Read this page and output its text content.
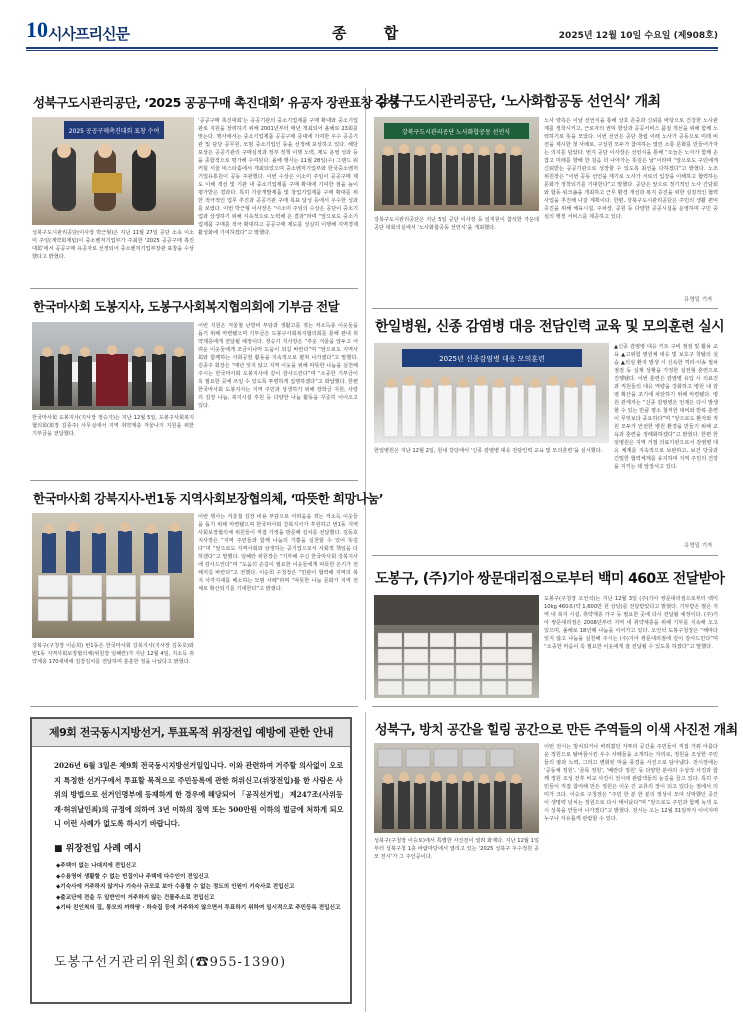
10 시사프리신문	종 합	2025년 12월 10일 수요일 (제908호)
성북구도시관리공단, ‘2025 공공구매 촉진대회’ 유공자 장관표창 수상
2025 공공구매촉진대회 표창 수여
성북구도시관리공단(이사장 박근형)은 지난 11월 27일 공단 소속 이소미 주임(계약회계팀)이 중소벤처기업부가 주최한 ‘2025 공공구매 촉진대회’에서 공공구매 유공자로 선정되어 중소벤처기업부장관 표창을 수상했다고 밝혔다.
‘공공구매 촉진대회’는 공공기관의 중소기업제품 구매 확대와 중소기업 판로 지원을 장려하기 위해 2001년부터 매년 개최되어 올해로 23회를 맞는다. 행사에서는 중소기업제품 공공구매 증대에 기여한 우수 공공기관 및 담당 공무원, 모범 중소기업인 등을 선정해 포상하고 있다. 해당 포상은 공공기관의 구매실적과 정부 정책 이행 노력, 제도 운영 성과 등을 종합적으로 평가해 수여된다. 올해 행사는 11월 28일(수) 그랜드 워커힐 서울 비스타홀에서 개최되었으며 중소벤처기업부와 한국중소벤처기업유통원이 공동 주관했다. 이번 수상은 이소미 주임이 공공구매 제도 이해 개선 및 기관 내 중소기업제품 구매 확대에 기여한 점을 높이 평가받은 결과다. 특히 기술개발제품 및 창업기업제품 구매 확대를 위한 적극적인 업무 추진과 공공기관 구매 목표 달성 등에서 우수한 성과를 보였다. 이번 박근형 이사장은 “이소미 주임의 수상은 공단이 중소기업과 상생하기 위해 지속적으로 노력해 온 결과”라며 “앞으로도 중소기업제품 구매를 적극 확대하고 공공구매 제도를 성실히 이행해 지역경제 활성화에 기여하겠다”고 말했다.
강북구도시관리공단, ‘노사화합공동 선언식’ 개최
강북구도시관리공단 노사화합공동 선언식
강북구도시관리공단은 지난 5일 공단 이사장 등 임직원이 참석한 가운데 공단 대회의실에서 ‘노사화합공동 선언식’을 개최했다.
노사 양측은 이날 선언식을 통해 상호 존중과 신뢰를 바탕으로 건강한 노사관계를 정착시키고, 근로자의 권익 향상과 공공서비스 품질 개선을 위해 함께 노력하기로 뜻을 모았다. 이번 선언은 공단 창립 이래 노사가 공동으로 미래 비전을 제시한 첫 사례로, 구성원 모두가 참여하는 열린 소통 문화를 만들어가자는 의지를 담았다. 번지 공단 이사장은 선언식을 통해 “오늘은 노사가 함께 손잡고 미래를 향해 한 걸음 더 나아가는 뜻깊은 날”이라며 “앞으로도 구민에게 신뢰받는 공공기관으로 성장할 수 있도록 최선을 다하겠다”고 밝혔다. 노조 위원장은 “이번 공동 선언을 계기로 노사가 서로의 입장을 이해하고 협력하는 문화가 정착되기를 기대한다”고 말했다. 공단은 앞으로 정기적인 노사 간담회와 합동 워크숍을 개최하고 근무 환경 개선과 복지 증진을 위한 실질적인 협력 사업을 추진해 나갈 계획이다. 한편, 강북구도시관리공단은 주민의 생활 편익 증진을 위해 체육시설, 주차장, 공원 등 다양한 공공시설을 운영하며 구민 중심의 행정 서비스를 제공하고 있다.
유영일 기자
한국마사회 도봉지사, 도봉구사회복지협의회에 기부금 전달
한국마사회 도봉지사(지사장 정승기)는 지난 12월 5일, 도봉구사회복지협의회(회장 김종주) 사무실에서 지역 취약계층 겨울나기 지원을 위한 기부금을 전달했다.
이번 지원은 겨울철 난방비 부담과 생활고를 겪는 저소득층 이웃들을 돕기 위해 마련됐으며 기부금은 도봉구사회복지협의회를 통해 관내 취약계층에게 전달될 예정이다. 정승기 지사장은 “추운 겨울을 앞두고 어려운 이웃들에게 조금이나마 도움이 되길 바란다”며 “앞으로도 지역사회와 함께하는 사회공헌 활동을 지속적으로 펼쳐 나가겠다”고 말했다. 김종주 회장은 “매년 잊지 않고 지역 이웃을 위해 따뜻한 나눔을 실천해 주시는 한국마사회 도봉지사에 깊이 감사드린다”며 “소중한 기부금이 꼭 필요한 곳에 쓰일 수 있도록 투명하게 집행하겠다”고 화답했다. 한편 한국마사회 도봉지사는 지역 주민과 상생하기 위해 장학금 지원, 사랑의 김장 나눔, 복지시설 후원 등 다양한 나눔 활동을 꾸준히 이어오고 있다.
한일병원, 신종 감염병 대응 전담인력 교육 및 모의훈련 실시
2025년 신종감염병 대응 모의훈련
▲신종 감염병 대응 키트 구비 점검 및 활용 교육 ▲고위험 병원체 대응 및 보호구 착탈의 실습 ▲의심 환자 발생 시 신속한 격리·이송 절차 점검 등 실제 상황을 가정한 실전형 훈련으로 진행됐다. 이번 훈련은 감염병 유입 시 의료진과 직원들의 대응 역량을 강화하고 병원 내 감염 확산을 조기에 차단하기 위해 마련됐다. 병원 관계자는 “신종 감염병은 언제든 다시 발생할 수 있는 만큼 평소 철저한 대비와 반복 훈련이 무엇보다 중요하다”며 “앞으로도 환자와 직원 모두가 안전한 병원 환경을 만들기 위해 교육과 훈련을 정례화하겠다”고 밝혔다. 한편 한일병원은 지역 거점 의료기관으로서 감염병 대응 체계를 지속적으로 보완하고, 보건 당국과 긴밀한 협력체계를 유지하며 지역 주민의 건강을 지키는 데 앞장서고 있다.
한일병원은 지난 12월 2일, 원내 강당에서 ‘신종 감염병 대응 전담인력 교육 및 모의훈련’을 실시했다.
유영일 기자
한국마사회 강북지사-번1동 지역사회보장협의체, ‘따뜻한 희망나눔’
강북구(구청장 이순희) 번1동은 한국마사회 강북지사(지사장 김동호)와 번1동 지역사회보장협의체(위원장 임혜란)가 지난 12월 4일, 지소득 취약계층 170세대에 김장김치를 전달하며 훈훈한 정을 나눴다고 밝혔다.
이번 행사는 겨울철 김장 비용 부담으로 어려움을 겪는 저소득 이웃들을 돕기 위해 마련됐으며 한국마사회 강북지사가 후원하고 번1동 지역사회보장협의체 위원들이 직접 가정을 방문해 김치를 전달했다. 김동호 지사장은 “지역 주민들과 함께 나눔의 기쁨을 실천할 수 있어 뜻깊다”며 “앞으로도 지역사회와 상생하는 공기업으로서 사회적 책임을 다하겠다”고 말했다. 임혜란 위원장은 “기부해 주신 한국마사회 강북지사에 감사드린다”며 “도움의 손길이 필요한 이웃들에게 따뜻한 온기가 전해지길 바란다”고 전했다. 이순희 구청장은 “민관이 협력해 지역의 복지 사각지대를 해소하는 모범 사례”라며 “따뜻한 나눔 문화가 지역 전체로 확산되기를 기대한다”고 밝혔다.
도봉구, (주)기아 쌍문대리점으로부터 백미 460포 전달받아
도봉구(구청장 오언석)는 지난 12월 3일 (주)기아 쌍문대리점으로부터 백미 10kg 460포(약 1,600만 원 상당)를 전달받았다고 밝혔다. 기부받은 쌀은 지역 내 복지 시설, 취약계층 가구 등 필요한 곳에 다시 전달될 예정이다. (주)기아 쌍문대리점은 2008년부터 지역 내 취약계층을 위해 기부를 지속해 오고 있으며, 올해로 18년째 나눔을 이어가고 있다. 오언석 도봉구청장은 “해마다 잊지 않고 나눔을 실천해 주시는 (주)기아 쌍문대리점에 깊이 감사드린다”며 “소중한 마음이 꼭 필요한 이웃에게 잘 전달될 수 있도록 하겠다”고 말했다.
제9회 전국동시지방선거, 투표목적 위장전입 예방에 관한 안내
2026년 6월 3일은 제9회 전국동시지방선거일입니다. 이와 관련하여 거주할 의사없이 오로지 특정한 선거구에서 투표할 목적으로 주민등록에 관한 허위신고(위장전입)를 한 사람은 사위의 방법으로 선거인명부에 등재하게 한 경우에 해당되어 「공직선거법」 제247조(사위등재·허위날인죄)의 규정에 의하여 3년 이하의 징역 또는 500만원 이하의 벌금에 처하게 되오니 이런 사례가 없도록 하시기 바랍니다.
■ 위장전입 사례 예시
◆주택이 없는 나대지에 전입신고
◆수용영어 생활할 수 없는 빈집이나 주택에 다수인이 전입신고
◆기숙사에 거주하지 않거나 기숙사 규모로 보아 수용할 수 없는 정도의 인원이 기숙사로 전입신고
◆출교단에 전을 두 일반인이 거주하지 않는 건물주소로 전입신고
◆기타 친인척의 집, 통모의 까하땅 · 하숙집 등에 거주하지 않으면서 투표하기 위하여 일시적으로 주민등록 전입신고
도봉구선거관리위원회(☎955-1390)
성북구, 방치 공간을 힐링 공간으로 만든 주역들의 이색 사진전 개최
성북구(구청장 이승로)에서 특별한 사진전이 열려 화제다. 지난 12월 1일부터 성북구청 1층 바람마당에서 열리고 있는 ‘2025 성북구 우수정원 공모 전시’가 그 주인공이다.
이번 전시는 방치되거나 버려졌던 자투리 공간을 주민들이 직접 가꿔 아름다운 정원으로 탈바꿈시킨 우수 사례들을 소개하는 자리로, 정원을 조성한 주민들의 땀과 노력, 그리고 변화된 마을 풍경을 사진으로 담아냈다. 전시장에는 ‘공동체 정원’, ‘골목 정원’, ‘베란다 정원’ 등 다양한 분야의 수상작 사진과 함께 정원 조성 전후 비교 사진이 전시돼 관람객들의 눈길을 끌고 있다. 특히 주민들이 직접 참여해 만든 정원은 이웃 간 교류의 장이 되고 있다는 점에서 의미가 크다. 이승로 구청장은 “주민 한 분 한 분의 정성이 모여 삭막했던 공간이 생명력 넘치는 정원으로 다시 태어났다”며 “앞으로도 주민과 함께 녹색 도시 성북을 만들어 나가겠다”고 밝혔다. 전시는 오는 12월 31일까지 이어지며 누구나 자유롭게 관람할 수 있다.
